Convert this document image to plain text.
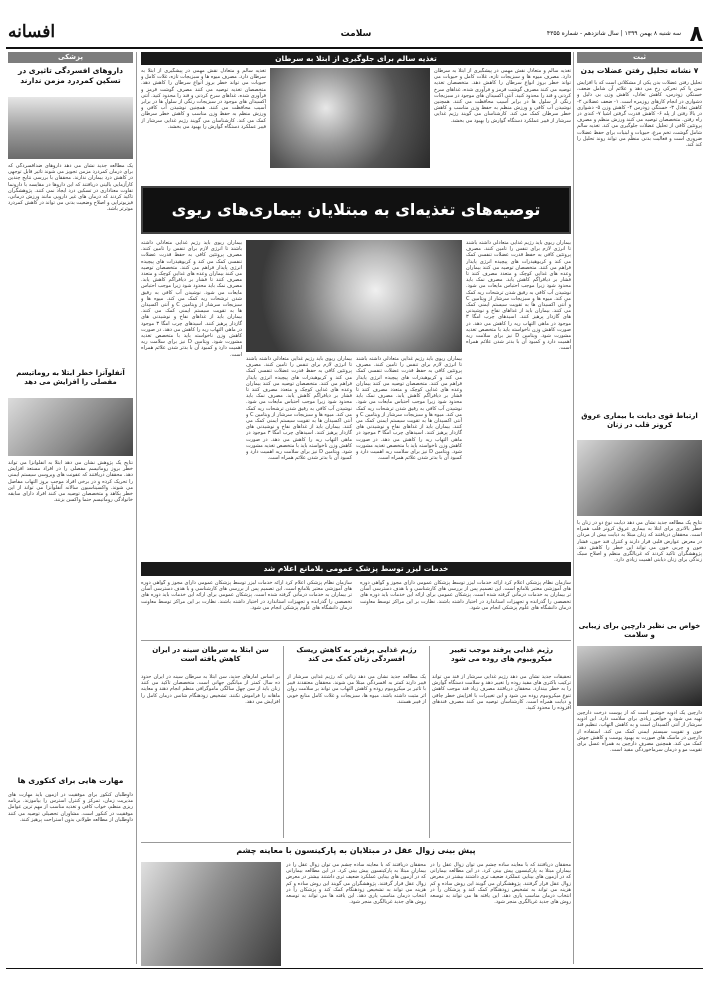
٨
سه شنبه ۸ بهمن ۱۳۹۹ | سال شانزدهم - شماره ۴۳۵۵
سلامت
افسانه
ثبت
۷ نشانه تحلیل رفتن عضلات بدن
تحلیل رفتن عضلات بدن یکی از مشکلاتی است که با افزایش سن یا کم تحرکی رخ می دهد و علائم آن شامل ضعف، خستگی زودرس، کاهش تعادل، کاهش وزن بی دلیل و دشواری در انجام کارهای روزمره است. ۱- ضعف عضلانی ۲- کاهش تعادل ۳- خستگی زودرس ۴- کاهش وزن ۵- دشواری در بالا رفتن از پله ۶- کاهش قدرت گرفتن اشیا ۷- کندی در راه رفتن. متخصصان توصیه می کنند ورزش منظم و مصرف پروتئین کافی از تحلیل عضلات جلوگیری می کند. تغذیه سالم شامل گوشت، تخم مرغ، حبوبات و لبنیات برای حفظ عضلات ضروری است و فعالیت بدنی منظم می تواند روند تحلیل را کند کند.
ارتباط قوی دیابت با بیماری عروق کرونر قلب در زنان
نتایج یک مطالعه جدید نشان می دهد دیابت نوع دو در زنان با خطر بالاتری برای ابتلا به بیماری عروق کرونر قلب همراه است. محققان دریافتند که زنان مبتلا به دیابت بیش از مردان در معرض عوارض قلبی قرار دارند و کنترل قند خون، فشار خون و چربی خون می تواند این خطر را کاهش دهد. پژوهشگران تاکید کردند که غربالگری منظم و اصلاح سبک زندگی برای زنان دیابتی اهمیت زیادی دارد.
خواص بی نظیر دارچین برای زیبایی و سلامت
دارچین یک ادویه خوشبو است که از پوست درخت دارچین تهیه می شود و خواص زیادی برای سلامت دارد. این ادویه سرشار از آنتی اکسیدان است و به کاهش التهاب، تنظیم قند خون و تقویت سیستم ایمنی کمک می کند. استفاده از دارچین در ماسک های صورت به بهبود پوست و کاهش جوش کمک می کند. همچنین مصرف دارچین به همراه عسل برای تقویت مو و درمان سرماخوردگی مفید است.
پزشکی
داروهای افسردگی تاثیری در تسکین کمردرد مزمن ندارند
یک مطالعه جدید نشان می دهد داروهای ضدافسردگی که برای درمان کمردرد مزمن تجویز می شوند تاثیر قابل توجهی در کاهش درد بیماران ندارند. محققان با بررسی نتایج چندین کارآزمایی بالینی دریافتند که این داروها در مقایسه با دارونما تفاوت معناداری در تسکین درد ایجاد نمی کنند. پژوهشگران تاکید کردند که درمان های غیر دارویی مانند ورزش درمانی، فیزیوتراپی و اصلاح وضعیت بدنی می تواند در کاهش کمردرد موثرتر باشد.
آنفلوآنزا خطر ابتلا به روماتیسم مفصلی را افزایش می دهد
نتایج یک پژوهش نشان می دهد ابتلا به آنفلوآنزا می تواند خطر بروز روماتیسم مفصلی را در افراد مستعد افزایش دهد. محققان دریافتند که عفونت های ویروسی سیستم ایمنی را تحریک کرده و در برخی افراد موجب بروز التهاب مفاصل می شوند. واکسیناسیون سالانه آنفلوآنزا می تواند از این خطر بکاهد و متخصصان توصیه می کنند افراد دارای سابقه خانوادگی روماتیسم حتما واکسن بزنند.
مهارت هایی برای کنکوری ها
داوطلبان کنکور برای موفقیت در آزمون باید مهارت های مدیریت زمان، تمرکز و کنترل استرس را بیاموزند. برنامه ریزی منظم، خواب کافی و تغذیه مناسب از مهم ترین عوامل موفقیت در کنکور است. مشاوران تحصیلی توصیه می کنند داوطلبان از مطالعه طولانی بدون استراحت پرهیز کنند.
تغذیه سالم برای جلوگیری از ابتلا به سرطان
تغذیه سالم و متعادل نقش مهمی در پیشگیری از ابتلا به سرطان دارد. مصرف میوه ها و سبزیجات تازه، غلات کامل و حبوبات می تواند خطر بروز انواع سرطان را کاهش دهد. متخصصان تغذیه توصیه می کنند مصرف گوشت قرمز و فرآوری شده، غذاهای سرخ کردنی و قند را محدود کنید. آنتی اکسیدان های موجود در سبزیجات رنگی از سلول ها در برابر آسیب محافظت می کنند. همچنین نوشیدن آب کافی و ورزش منظم به حفظ وزن مناسب و کاهش خطر سرطان کمک می کند. کارشناسان می گویند رژیم غذایی سرشار از فیبر عملکرد دستگاه گوارش را بهبود می بخشد.
تغذیه سالم و متعادل نقش مهمی در پیشگیری از ابتلا به سرطان دارد. مصرف میوه ها و سبزیجات تازه، غلات کامل و حبوبات می تواند خطر بروز انواع سرطان را کاهش دهد. متخصصان تغذیه توصیه می کنند مصرف گوشت قرمز و فرآوری شده، غذاهای سرخ کردنی و قند را محدود کنید. آنتی اکسیدان های موجود در سبزیجات رنگی از سلول ها در برابر آسیب محافظت می کنند. همچنین نوشیدن آب کافی و ورزش منظم به حفظ وزن مناسب و کاهش خطر سرطان کمک می کند. کارشناسان می گویند رژیم غذایی سرشار از فیبر عملکرد دستگاه گوارش را بهبود می بخشد.
توصیه‌های تغذیه‌ای به مبتلایان بیماری‌های ریوی
بیماران ریوی باید رژیم غذایی متعادلی داشته باشند تا انرژی لازم برای تنفس را تامین کنند. مصرف پروتئین کافی به حفظ قدرت عضلات تنفسی کمک می کند و کربوهیدرات های پیچیده انرژی پایدار فراهم می کنند. متخصصان توصیه می کنند بیماران وعده های غذایی کوچک و متعدد مصرف کنند تا فشار بر دیافراگم کاهش یابد. مصرف نمک باید محدود شود زیرا موجب احتباس مایعات می شود. نوشیدن آب کافی به رقیق شدن ترشحات ریه کمک می کند. میوه ها و سبزیجات سرشار از ویتامین C و آنتی اکسیدان ها به تقویت سیستم ایمنی کمک می کنند. بیماران باید از غذاهای نفاخ و نوشیدنی های گازدار پرهیز کنند. اسیدهای چرب امگا ۳ موجود در ماهی التهاب ریه را کاهش می دهد. در صورت کاهش وزن ناخواسته باید با متخصص تغذیه مشورت شود. ویتامین D نیز برای سلامت ریه اهمیت دارد و کمبود آن با بدتر شدن علائم همراه است.
بیماران ریوی باید رژیم غذایی متعادلی داشته باشند تا انرژی لازم برای تنفس را تامین کنند. مصرف پروتئین کافی به حفظ قدرت عضلات تنفسی کمک می کند و کربوهیدرات های پیچیده انرژی پایدار فراهم می کنند. متخصصان توصیه می کنند بیماران وعده های غذایی کوچک و متعدد مصرف کنند تا فشار بر دیافراگم کاهش یابد. مصرف نمک باید محدود شود زیرا موجب احتباس مایعات می شود. نوشیدن آب کافی به رقیق شدن ترشحات ریه کمک می کند. میوه ها و سبزیجات سرشار از ویتامین C و آنتی اکسیدان ها به تقویت سیستم ایمنی کمک می کنند. بیماران باید از غذاهای نفاخ و نوشیدنی های گازدار پرهیز کنند. اسیدهای چرب امگا ۳ موجود در ماهی التهاب ریه را کاهش می دهد. در صورت کاهش وزن ناخواسته باید با متخصص تغذیه مشورت شود. ویتامین D نیز برای سلامت ریه اهمیت دارد و کمبود آن با بدتر شدن علائم همراه است.
بیماران ریوی باید رژیم غذایی متعادلی داشته باشند تا انرژی لازم برای تنفس را تامین کنند. مصرف پروتئین کافی به حفظ قدرت عضلات تنفسی کمک می کند و کربوهیدرات های پیچیده انرژی پایدار فراهم می کنند. متخصصان توصیه می کنند بیماران وعده های غذایی کوچک و متعدد مصرف کنند تا فشار بر دیافراگم کاهش یابد. مصرف نمک باید محدود شود زیرا موجب احتباس مایعات می شود. نوشیدن آب کافی به رقیق شدن ترشحات ریه کمک می کند. میوه ها و سبزیجات سرشار از ویتامین C و آنتی اکسیدان ها به تقویت سیستم ایمنی کمک می کنند. بیماران باید از غذاهای نفاخ و نوشیدنی های گازدار پرهیز کنند. اسیدهای چرب امگا ۳ موجود در ماهی التهاب ریه را کاهش می دهد. در صورت کاهش وزن ناخواسته باید با متخصص تغذیه مشورت شود. ویتامین D نیز برای سلامت ریه اهمیت دارد و کمبود آن با بدتر شدن علائم همراه است.
بیماران ریوی باید رژیم غذایی متعادلی داشته باشند تا انرژی لازم برای تنفس را تامین کنند. مصرف پروتئین کافی به حفظ قدرت عضلات تنفسی کمک می کند و کربوهیدرات های پیچیده انرژی پایدار فراهم می کنند. متخصصان توصیه می کنند بیماران وعده های غذایی کوچک و متعدد مصرف کنند تا فشار بر دیافراگم کاهش یابد. مصرف نمک باید محدود شود زیرا موجب احتباس مایعات می شود. نوشیدن آب کافی به رقیق شدن ترشحات ریه کمک می کند. میوه ها و سبزیجات سرشار از ویتامین C و آنتی اکسیدان ها به تقویت سیستم ایمنی کمک می کنند. بیماران باید از غذاهای نفاخ و نوشیدنی های گازدار پرهیز کنند. اسیدهای چرب امگا ۳ موجود در ماهی التهاب ریه را کاهش می دهد. در صورت کاهش وزن ناخواسته باید با متخصص تغذیه مشورت شود. ویتامین D نیز برای سلامت ریه اهمیت دارد و کمبود آن با بدتر شدن علائم همراه است.
خدمات لیزر توسط پزشک عمومی بلامانع اعلام شد
سازمان نظام پزشکی اعلام کرد ارائه خدمات لیزر توسط پزشکان عمومی دارای مجوز و گواهی دوره های آموزشی معتبر بلامانع است. این تصمیم پس از بررسی های کارشناسی و با هدف دسترسی آسان تر بیماران به خدمات درمانی گرفته شده است. پزشکان عمومی برای ارائه این خدمات باید دوره های تخصصی را گذرانده و تجهیزات استاندارد در اختیار داشته باشند. نظارت بر این مراکز توسط معاونت درمان دانشگاه های علوم پزشکی انجام می شود.
سازمان نظام پزشکی اعلام کرد ارائه خدمات لیزر توسط پزشکان عمومی دارای مجوز و گواهی دوره های آموزشی معتبر بلامانع است. این تصمیم پس از بررسی های کارشناسی و با هدف دسترسی آسان تر بیماران به خدمات درمانی گرفته شده است. پزشکان عمومی برای ارائه این خدمات باید دوره های تخصصی را گذرانده و تجهیزات استاندارد در اختیار داشته باشند. نظارت بر این مراکز توسط معاونت درمان دانشگاه های علوم پزشکی انجام می شود.
رژیم غذایی پرفند موجب تغییر میکروبیوم های روده می شود
تحقیقات جدید نشان می دهد رژیم غذایی سرشار از قند می تواند ترکیب باکتری های مفید روده را تغییر دهد و سلامت دستگاه گوارش را به خطر بیندازد. محققان دریافتند مصرف زیاد قند موجب کاهش تنوع میکروبیوم روده می شود و این تغییرات با افزایش خطر چاقی و دیابت همراه است. کارشناسان توصیه می کنند مصرف قندهای افزوده را محدود کنید.
رژیم غذایی پرفیبر به کاهش ریسک افسردگی زنان کمک می کند
یک مطالعه جدید نشان می دهد زنانی که رژیم غذایی سرشار از فیبر دارند کمتر به افسردگی مبتلا می شوند. محققان معتقدند فیبر با تاثیر بر میکروبیوم روده و کاهش التهاب می تواند بر سلامت روان اثر مثبت داشته باشد. میوه ها، سبزیجات و غلات کامل منابع خوبی از فیبر هستند.
سن ابتلا به سرطان سینه در ایران کاهش یافته است
بر اساس آمارهای جدید، سن ابتلا به سرطان سینه در ایران حدود ده سال کمتر از میانگین جهانی است. متخصصان تاکید می کنند زنان باید از سن چهل سالگی ماموگرافی منظم انجام دهند و معاینه ماهانه را فراموش نکنند. تشخیص زودهنگام شانس درمان کامل را افزایش می دهد.
پیش بینی زوال عقل در مبتلایان به پارکینسون با معاینه چشم
محققان دریافتند که با معاینه ساده چشم می توان زوال عقل را در بیماران مبتلا به پارکینسون پیش بینی کرد. در این مطالعه بیمارانی که در آزمون های بینایی عملکرد ضعیف تری داشتند بیشتر در معرض زوال عقل قرار گرفتند. پژوهشگران می گویند این روش ساده و کم هزینه می تواند به تشخیص زودهنگام کمک کند و پزشکان را در انتخاب درمان مناسب یاری دهد. این یافته ها می تواند به توسعه روش های جدید غربالگری منجر شود.
محققان دریافتند که با معاینه ساده چشم می توان زوال عقل را در بیماران مبتلا به پارکینسون پیش بینی کرد. در این مطالعه بیمارانی که در آزمون های بینایی عملکرد ضعیف تری داشتند بیشتر در معرض زوال عقل قرار گرفتند. پژوهشگران می گویند این روش ساده و کم هزینه می تواند به تشخیص زودهنگام کمک کند و پزشکان را در انتخاب درمان مناسب یاری دهد. این یافته ها می تواند به توسعه روش های جدید غربالگری منجر شود.
